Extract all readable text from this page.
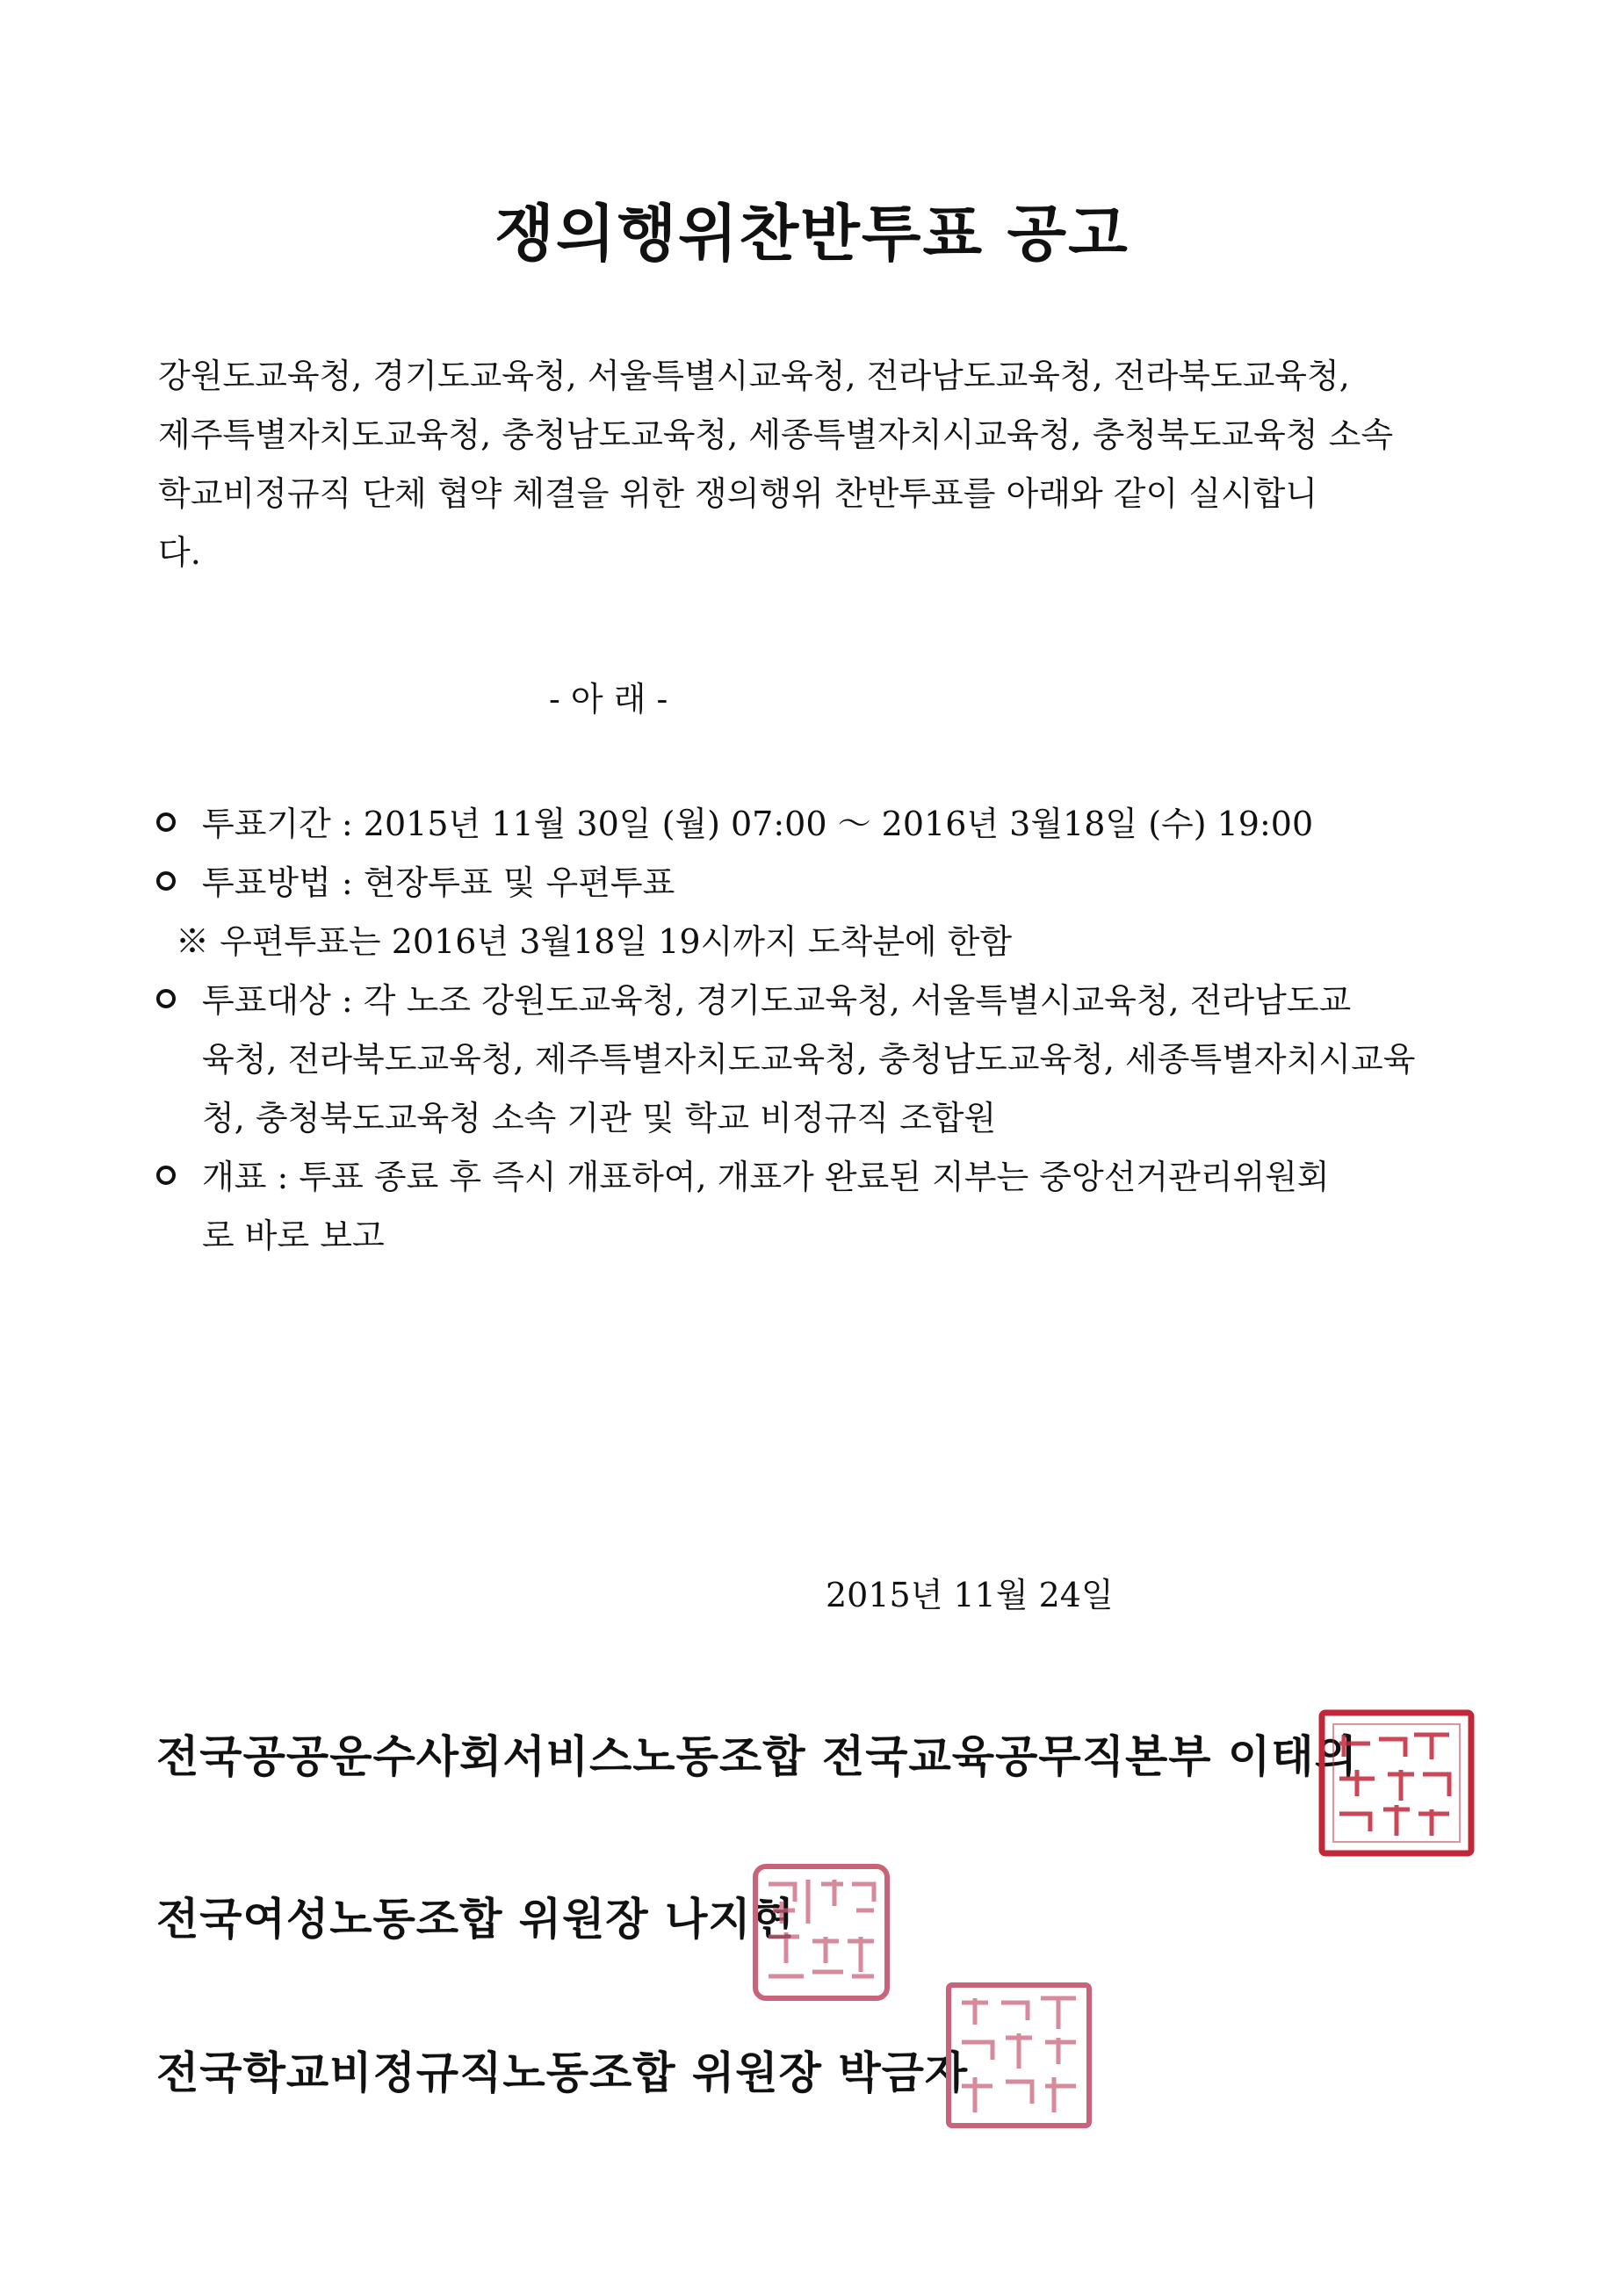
쟁의행위찬반투표 공고
강원도교육청, 경기도교육청, 서울특별시교육청, 전라남도교육청, 전라북도교육청,
제주특별자치도교육청, 충청남도교육청, 세종특별자치시교육청, 충청북도교육청 소속
학교비정규직 단체 협약 체결을 위한 쟁의행위 찬반투표를 아래와 같이 실시합니
다.
- 아 래 -
투표기간 : 2015년 11월 30일 (월) 07:00 ～ 2016년 3월18일 (수) 19:00
투표방법 : 현장투표 및 우편투표
※ 우편투표는 2016년 3월18일 19시까지 도착분에 한함
투표대상 : 각 노조 강원도교육청, 경기도교육청, 서울특별시교육청, 전라남도교
육청, 전라북도교육청, 제주특별자치도교육청, 충청남도교육청, 세종특별자치시교육
청, 충청북도교육청 소속 기관 및 학교 비정규직 조합원
개표 : 투표 종료 후 즉시 개표하여, 개표가 완료된 지부는 중앙선거관리위원회
로 바로 보고
2015년 11월 24일
전국공공운수사회서비스노동조합 전국교육공무직본부 이태의
전국여성노동조합 위원장 나지현
전국학교비정규직노동조합 위원장 박금자
